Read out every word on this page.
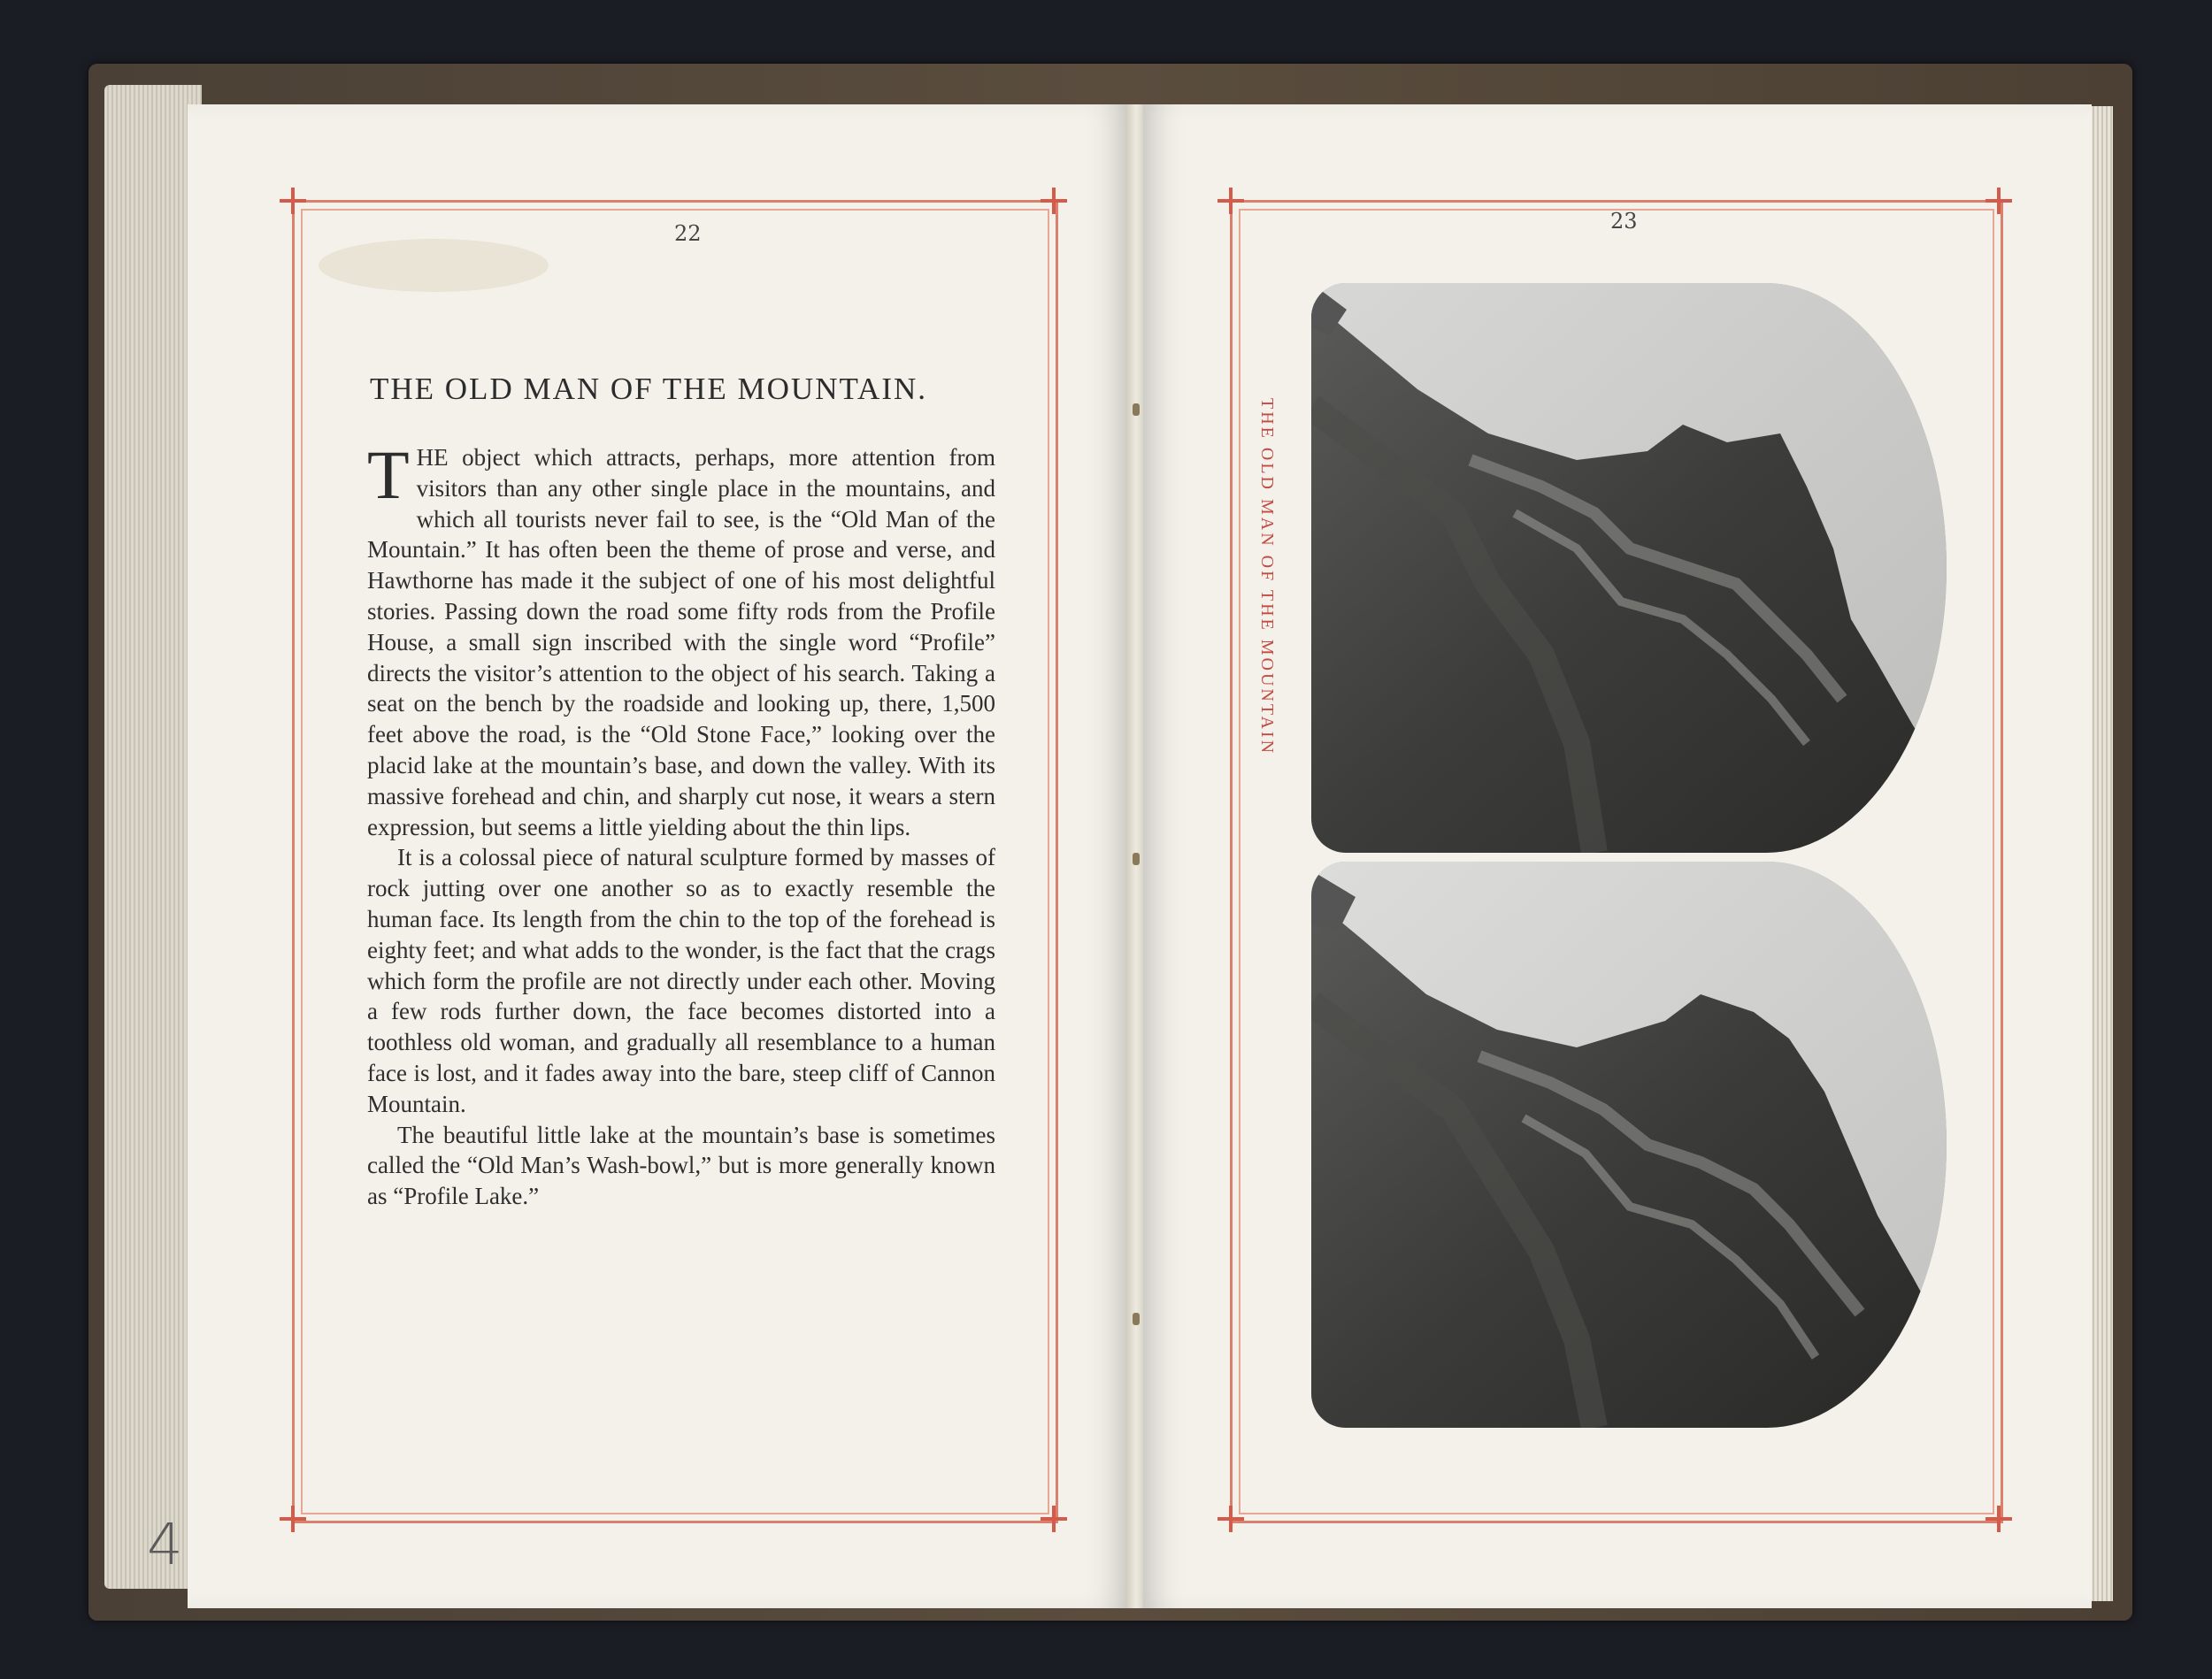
22
THE OLD MAN OF THE MOUNTAIN.

THE object which attracts, perhaps, more attention from visitors than any other single place in the mountains, and which all tourists never fail to see, is the “Old Man of the Mountain.” It has often been the theme of prose and verse, and Hawthorne has made it the subject of one of his most delightful stories. Passing down the road some fifty rods from the Profile House, a small sign inscribed with the single word “Profile” directs the visitor’s attention to the object of his search. Taking a seat on the bench by the roadside and looking up, there, 1,500 feet above the road, is the “Old Stone Face,” looking over the placid lake at the mountain’s base, and down the valley. With its massive forehead and chin, and sharply cut nose, it wears a stern expression, but seems a little yielding about the thin lips.

It is a colossal piece of natural sculpture formed by masses of rock jutting over one another so as to exactly resemble the human face. Its length from the chin to the top of the forehead is eighty feet; and what adds to the wonder, is the fact that the crags which form the profile are not directly under each other. Moving a few rods further down, the face becomes distorted into a toothless old woman, and gradually all resemblance to a human face is lost, and it fades away into the bare, steep cliff of Cannon Mountain.

The beautiful little lake at the mountain’s base is sometimes called the “Old Man’s Wash-bowl,” but is more generally known as “Profile Lake.”

4
23
THE OLD MAN OF THE MOUNTAIN
